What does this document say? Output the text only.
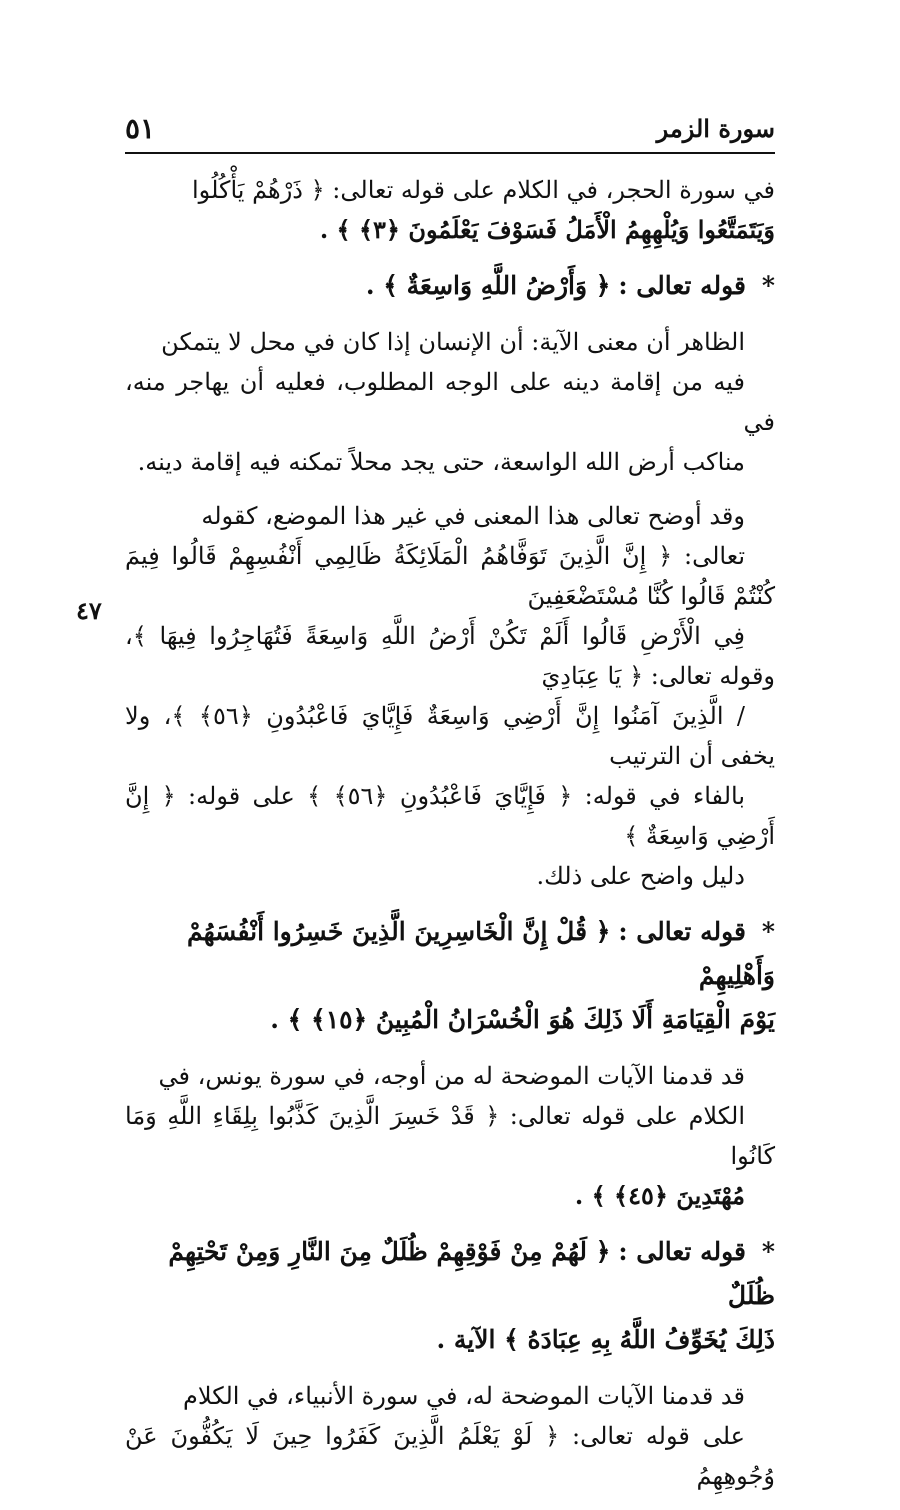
سورة الزمر
٥١

في سورة الحجر، في الكلام على قوله تعالى: ﴿ ذَرْهُمْ يَأْكُلُوا
وَيَتَمَتَّعُوا وَيُلْهِهِمُ الْأَمَلُ فَسَوْفَ يَعْلَمُونَ ﴿٣﴾ ﴾ .

* قوله تعالى : ﴿ وَأَرْضُ اللَّهِ وَاسِعَةٌ ﴾ .

الظاهر أن معنى الآية: أن الإنسان إذا كان في محل لا يتمكن
فيه من إقامة دينه على الوجه المطلوب، فعليه أن يهاجر منه، في
مناكب أرض الله الواسعة، حتى يجد محلاً تمكنه فيه إقامة دينه.

وقد أوضح تعالى هذا المعنى في غير هذا الموضع، كقوله
تعالى: ﴿ إِنَّ الَّذِينَ تَوَفَّاهُمُ الْمَلَائِكَةُ ظَالِمِي أَنْفُسِهِمْ قَالُوا فِيمَ كُنْتُمْ قَالُوا كُنَّا مُسْتَضْعَفِينَ
فِي الْأَرْضِ قَالُوا أَلَمْ تَكُنْ أَرْضُ اللَّهِ وَاسِعَةً فَتُهَاجِرُوا فِيهَا ﴾، وقوله تعالى: ﴿ يَا عِبَادِيَ
/ الَّذِينَ آمَنُوا إِنَّ أَرْضِي وَاسِعَةٌ فَإِيَّايَ فَاعْبُدُونِ ﴿٥٦﴾ ﴾، ولا يخفى أن الترتيب
بالفاء في قوله: ﴿ فَإِيَّايَ فَاعْبُدُونِ ﴿٥٦﴾ ﴾ على قوله: ﴿ إِنَّ أَرْضِي وَاسِعَةٌ ﴾
دليل واضح على ذلك.

* قوله تعالى : ﴿ قُلْ إِنَّ الْخَاسِرِينَ الَّذِينَ خَسِرُوا أَنْفُسَهُمْ وَأَهْلِيهِمْ
يَوْمَ الْقِيَامَةِ أَلَا ذَلِكَ هُوَ الْخُسْرَانُ الْمُبِينُ ﴿١٥﴾ ﴾ .

قد قدمنا الآيات الموضحة له من أوجه، في سورة يونس، في
الكلام على قوله تعالى: ﴿ قَدْ خَسِرَ الَّذِينَ كَذَّبُوا بِلِقَاءِ اللَّهِ وَمَا كَانُوا
مُهْتَدِينَ ﴿٤٥﴾ ﴾ .

* قوله تعالى : ﴿ لَهُمْ مِنْ فَوْقِهِمْ ظُلَلٌ مِنَ النَّارِ وَمِنْ تَحْتِهِمْ ظُلَلٌ
ذَلِكَ يُخَوِّفُ اللَّهُ بِهِ عِبَادَهُ ﴾ الآية .

قد قدمنا الآيات الموضحة له، في سورة الأنبياء، في الكلام
على قوله تعالى: ﴿ لَوْ يَعْلَمُ الَّذِينَ كَفَرُوا حِينَ لَا يَكُفُّونَ عَنْ وُجُوهِهِمُ

٤٧
